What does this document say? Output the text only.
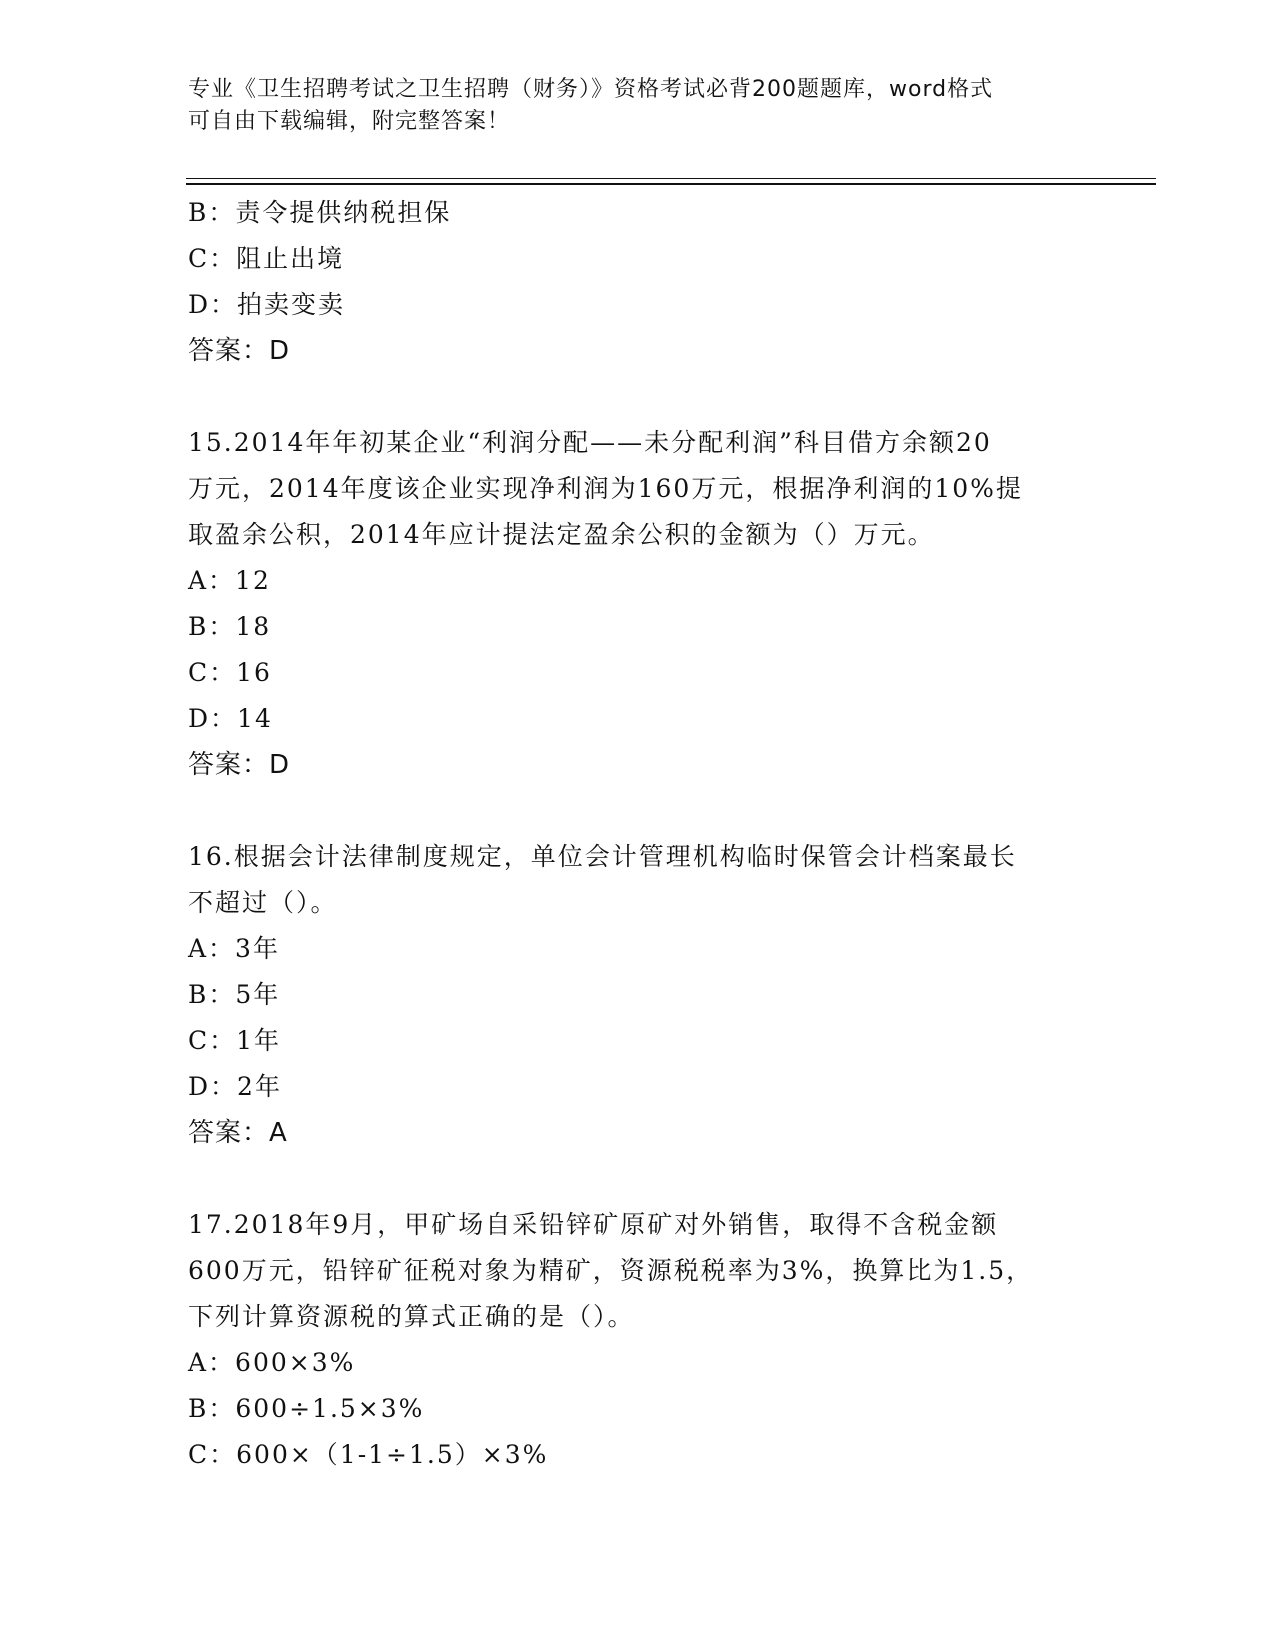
专业《卫生招聘考试之卫生招聘（财务）》资格考试必背200题题库，word格式
可自由下载编辑，附完整答案！
B：责令提供纳税担保
C：阻止出境
D：拍卖变卖
答案：D
15.2014年年初某企业“利润分配——未分配利润”科目借方余额20
万元，2014年度该企业实现净利润为160万元，根据净利润的10%提
取盈余公积，2014年应计提法定盈余公积的金额为（）万元。
A：12
B：18
C：16
D：14
答案：D
16.根据会计法律制度规定，单位会计管理机构临时保管会计档案最长
不超过（）。
A：3年
B：5年
C：1年
D：2年
答案：A
17.2018年9月，甲矿场自采铅锌矿原矿对外销售，取得不含税金额
600万元，铅锌矿征税对象为精矿，资源税税率为3%，换算比为1.5，
下列计算资源税的算式正确的是（）。
A：600×3%
B：600÷1.5×3%
C：600×（1-1÷1.5）×3%
